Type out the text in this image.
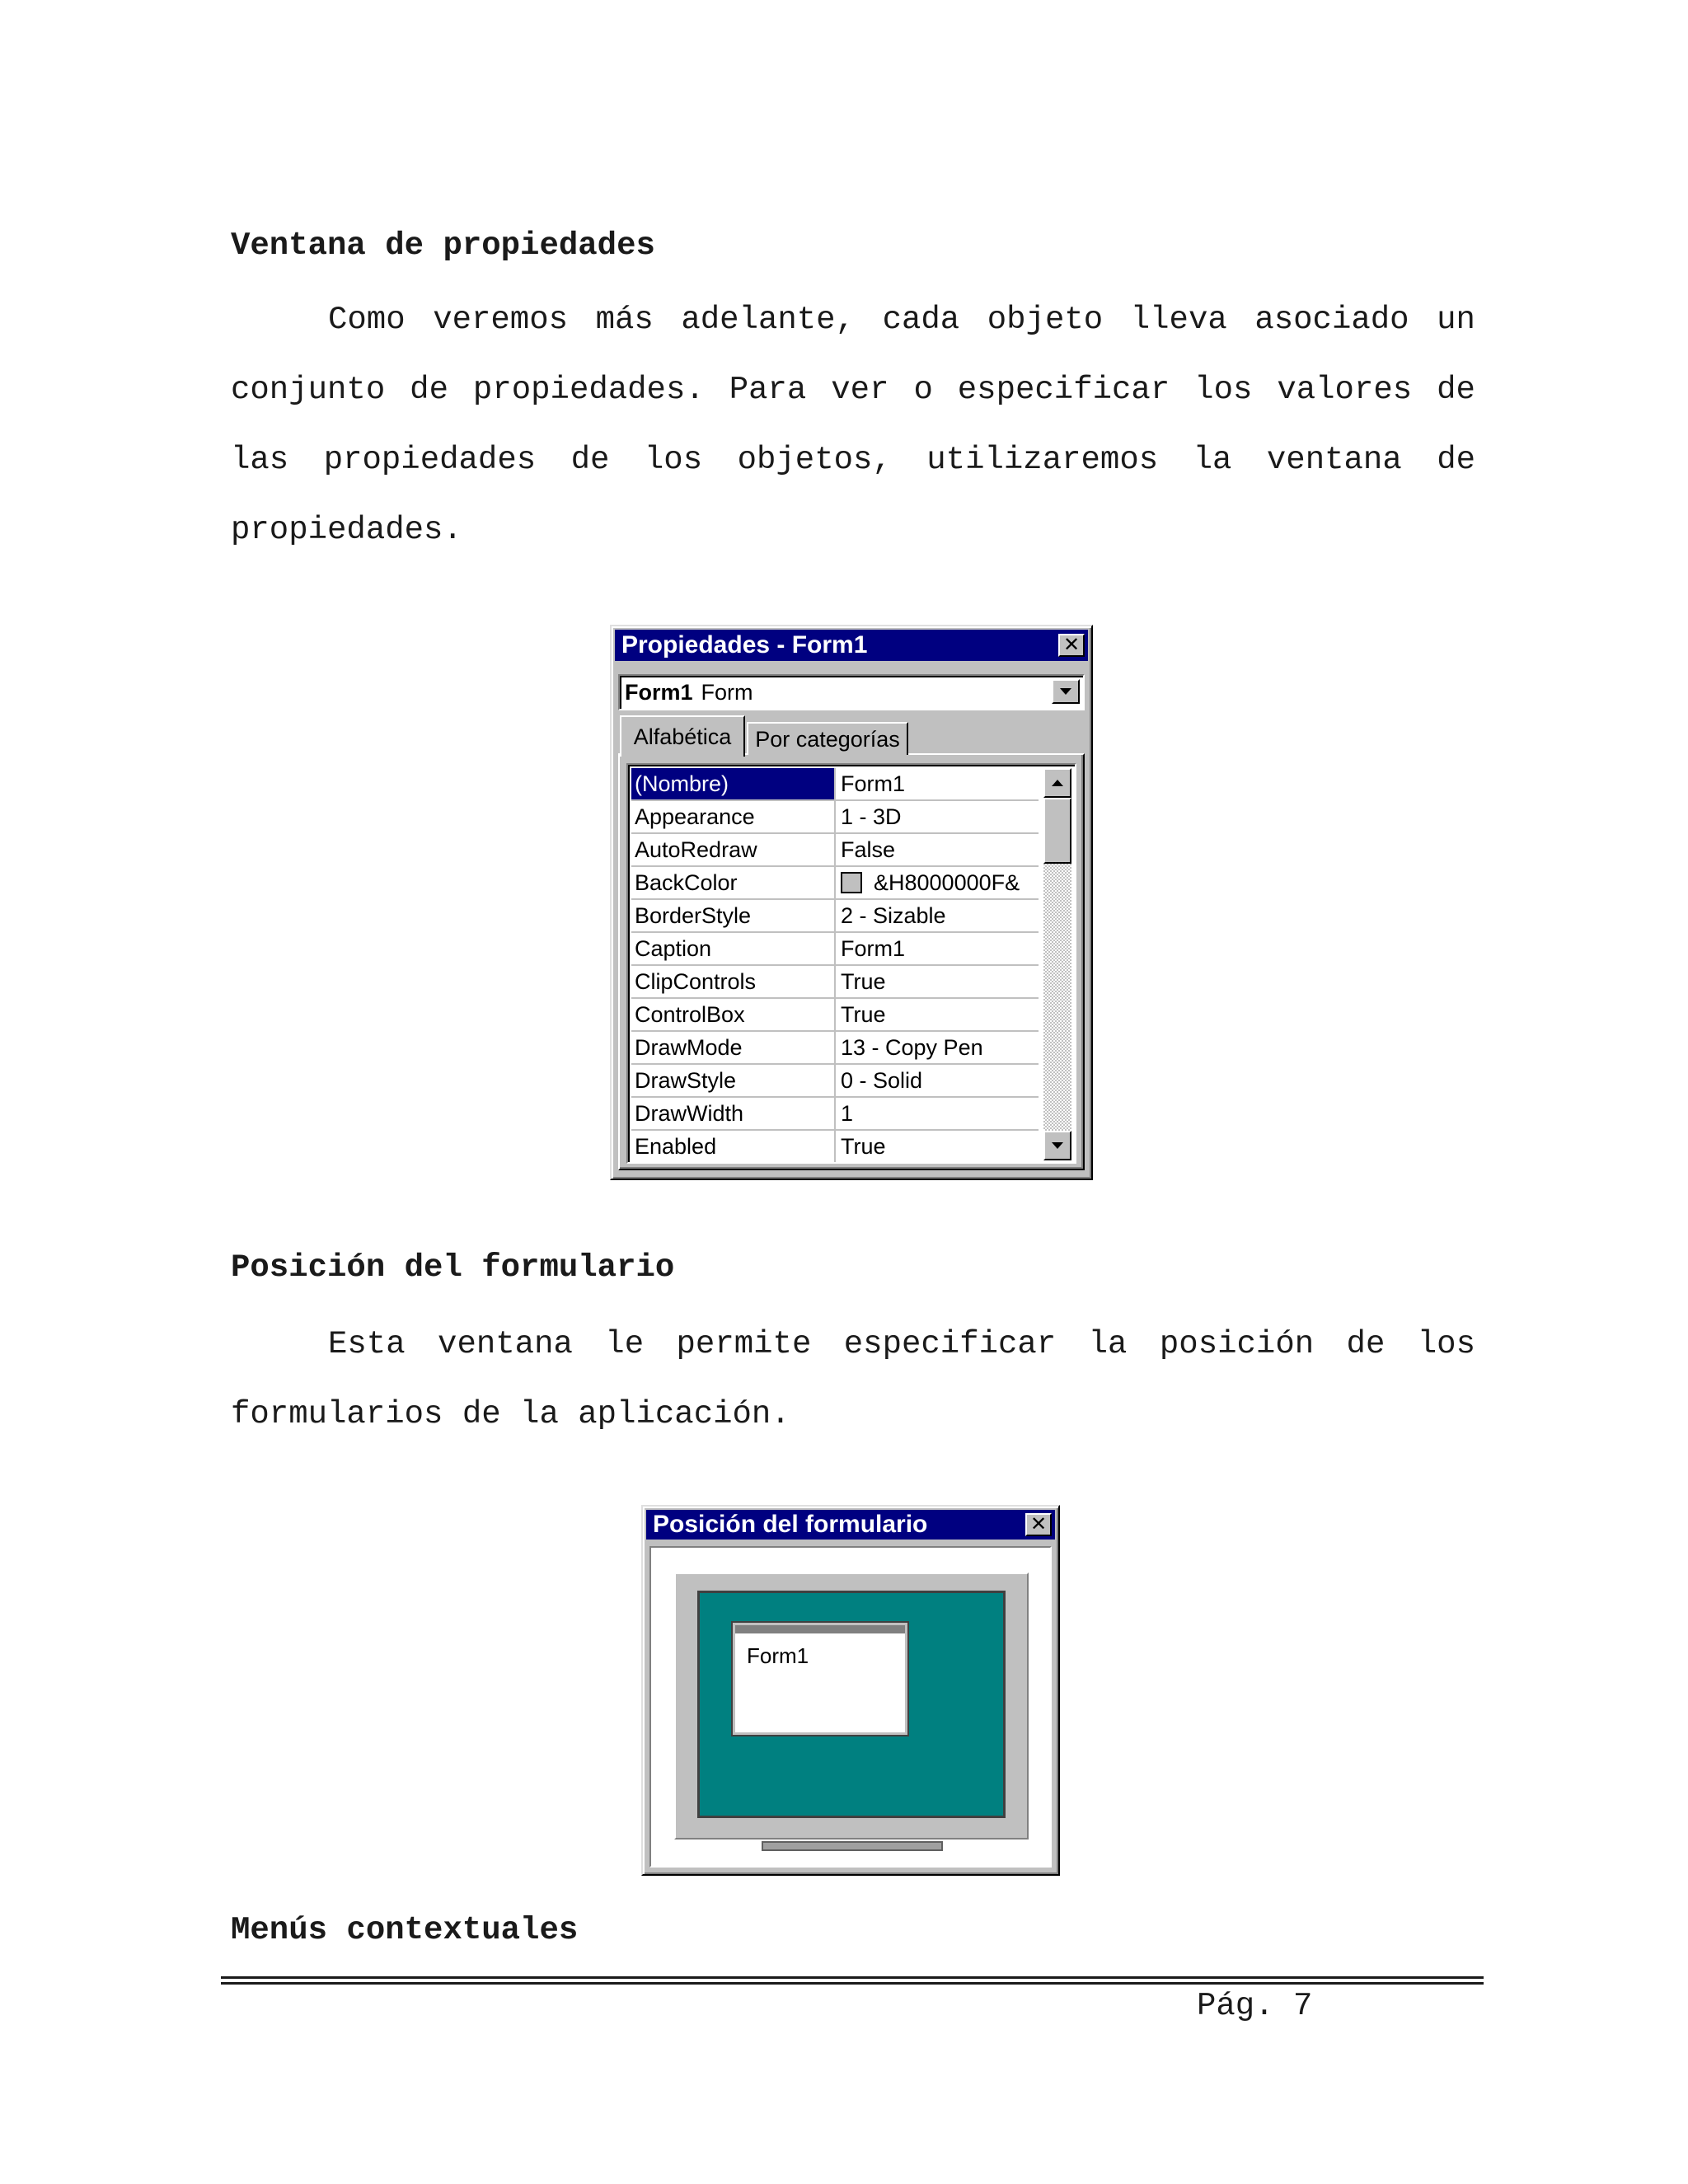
Ventana de propiedades
Como veremos más adelante, cada objeto lleva asociado un
conjunto de propiedades. Para ver o especificar los valores de
las propiedades de los objetos, utilizaremos la ventana de
propiedades.
Propiedades - Form1	✕
Form1 Form
Alfabética Por categorías
(Nombre)	Form1
Appearance	1 - 3D
AutoRedraw	False
BackColor	&H8000000F&
BorderStyle	2 - Sizable
Caption	Form1
ClipControls	True
ControlBox	True
DrawMode	13 - Copy Pen
DrawStyle	0 - Solid
DrawWidth	1
Enabled	True
Posición del formulario
Esta ventana le permite especificar la posición de los
formularios de la aplicación.
Posición del formulario	✕
Form1
Menús contextuales
Pág. 7
